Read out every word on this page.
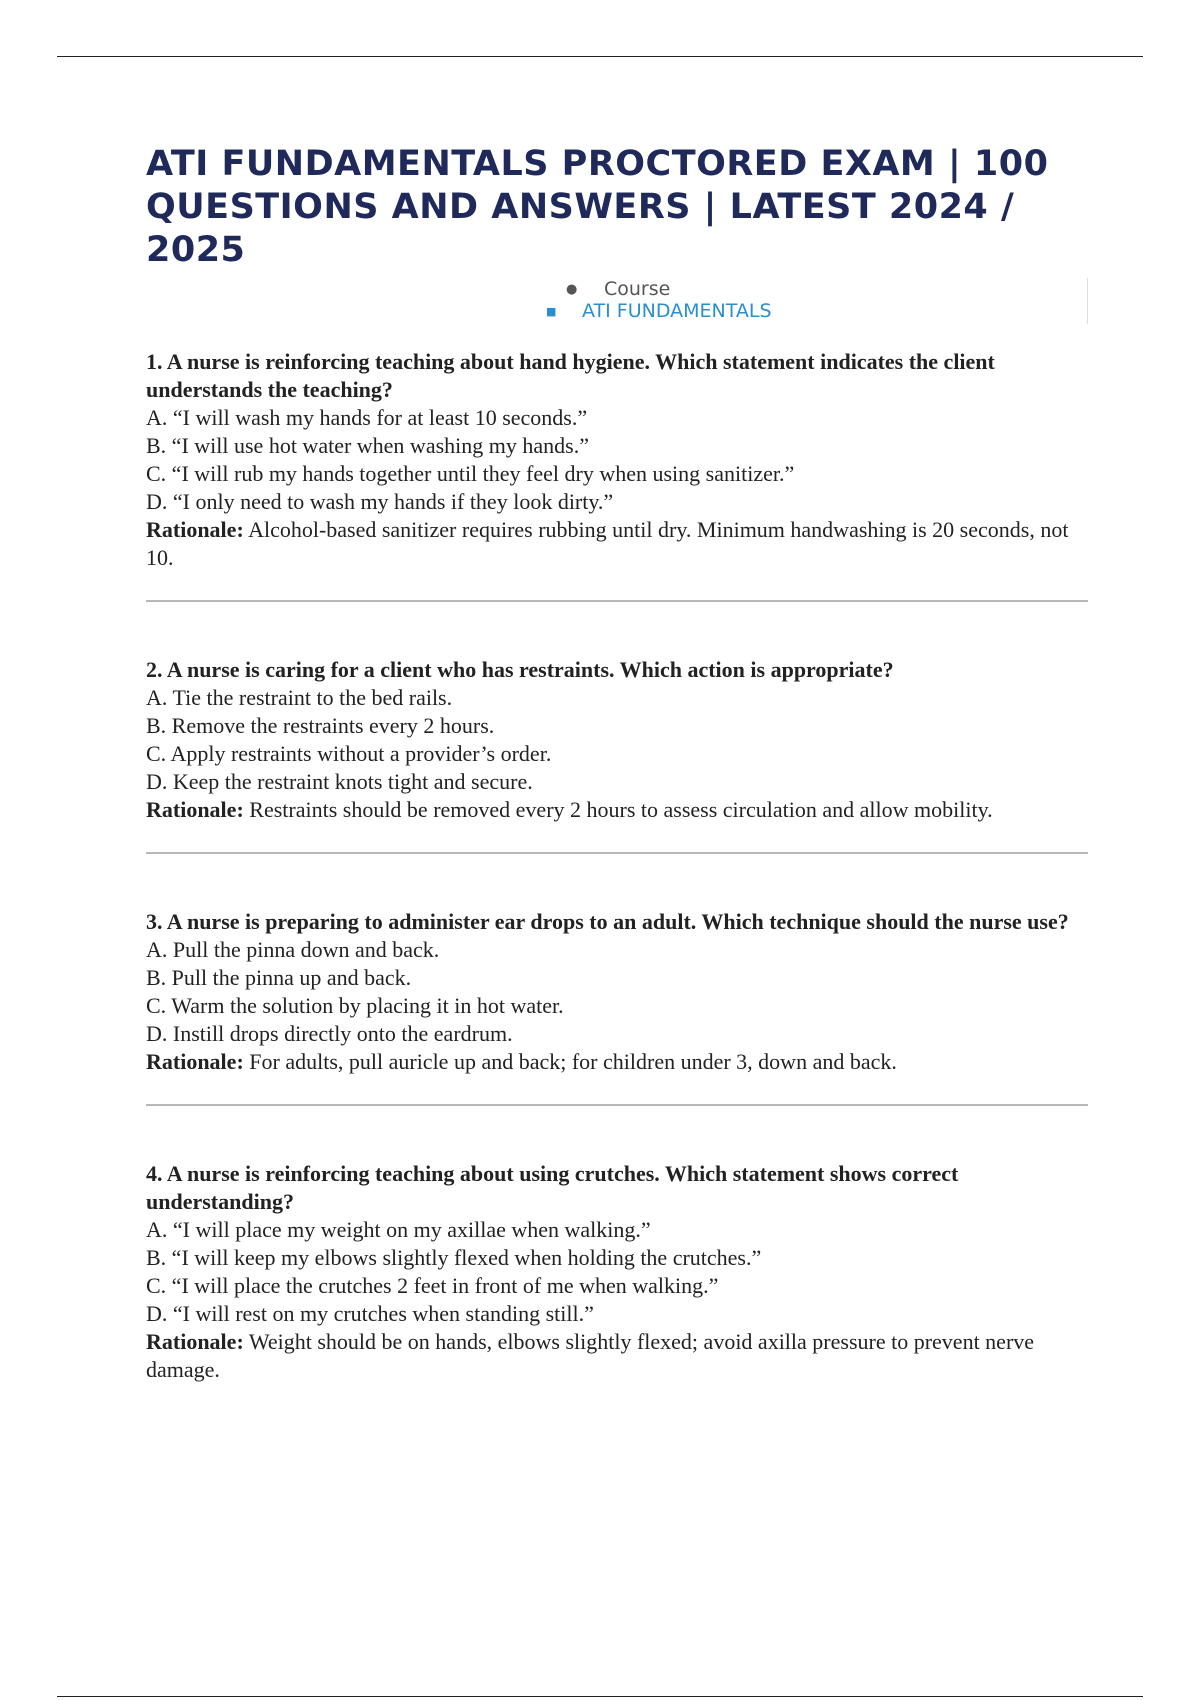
ATI FUNDAMENTALS PROCTORED EXAM | 100 QUESTIONS AND ANSWERS | LATEST 2024 / 2025
● Course
■ ATI FUNDAMENTALS

1. A nurse is reinforcing teaching about hand hygiene. Which statement indicates the client understands the teaching?

A. “I will wash my hands for at least 10 seconds.”

B. “I will use hot water when washing my hands.”

C. “I will rub my hands together until they feel dry when using sanitizer.”

D. “I only need to wash my hands if they look dirty.”

Rationale: Alcohol-based sanitizer requires rubbing until dry. Minimum handwashing is 20 seconds, not 10.

2. A nurse is caring for a client who has restraints. Which action is appropriate?

A. Tie the restraint to the bed rails.

B. Remove the restraints every 2 hours.

C. Apply restraints without a provider’s order.

D. Keep the restraint knots tight and secure.

Rationale: Restraints should be removed every 2 hours to assess circulation and allow mobility.

3. A nurse is preparing to administer ear drops to an adult. Which technique should the nurse use?

A. Pull the pinna down and back.

B. Pull the pinna up and back.

C. Warm the solution by placing it in hot water.

D. Instill drops directly onto the eardrum.

Rationale: For adults, pull auricle up and back; for children under 3, down and back.

4. A nurse is reinforcing teaching about using crutches. Which statement shows correct understanding?

A. “I will place my weight on my axillae when walking.”

B. “I will keep my elbows slightly flexed when holding the crutches.”

C. “I will place the crutches 2 feet in front of me when walking.”

D. “I will rest on my crutches when standing still.”

Rationale: Weight should be on hands, elbows slightly flexed; avoid axilla pressure to prevent nerve damage.
